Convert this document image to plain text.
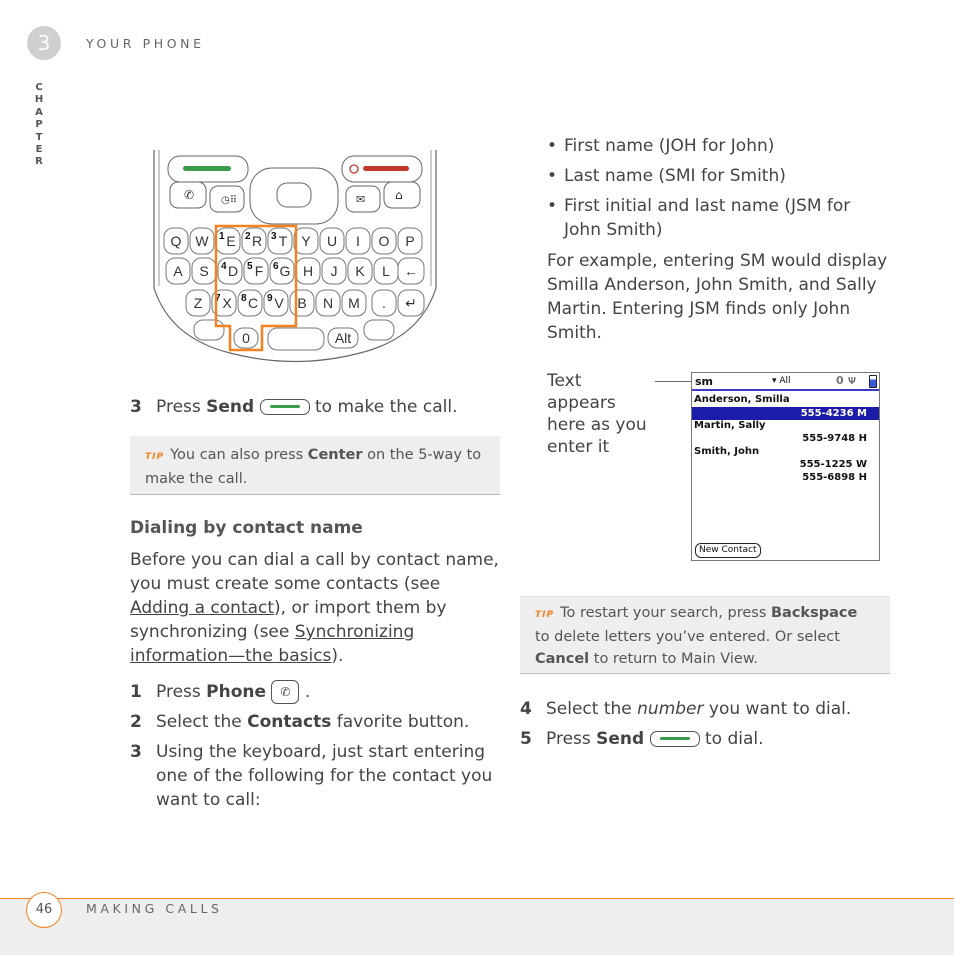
3	YOUR PHONE
C
H
A
P
T
E
R
✆	◷⠿	✉ ⌂
Q W E
1 R
2 T
3 Y U I O P
A S D
4 F
5 G
6 H J K L
Z X
7 C
8 V
9 B N M
←
. ↵
0	Alt
3 Press Send	to make the call.
TIP You can also press Center on the 5-way to make the call.
Dialing by contact name
Before you can dial a call by contact name, you must create some contacts (see Adding a contact), or import them by synchronizing (see Synchronizing information—the basics).
1 Press Phone ✆ .
2 Select the Contacts favorite button.
3 Using the keyboard, just start entering one of the following for the contact you want to call:
• First name (JOH for John)
• Last name (SMI for Smith)
• First initial and last name (JSM for John Smith)
For example, entering SM would display Smilla Anderson, John Smith, and Sally Martin. Entering JSM finds only John Smith.
Text appears here as you enter it
sm	▾ All	0 Ψ
Anderson, Smilla
555-4236 M
Martin, Sally
555-9748 H
Smith, John
555-1225 W
555-6898 H
New Contact
TIP To restart your search, press Backspace to delete letters you’ve entered. Or select Cancel to return to Main View.
4 Select the number you want to dial.
5 Press Send	to dial.
46	MAKING CALLS
